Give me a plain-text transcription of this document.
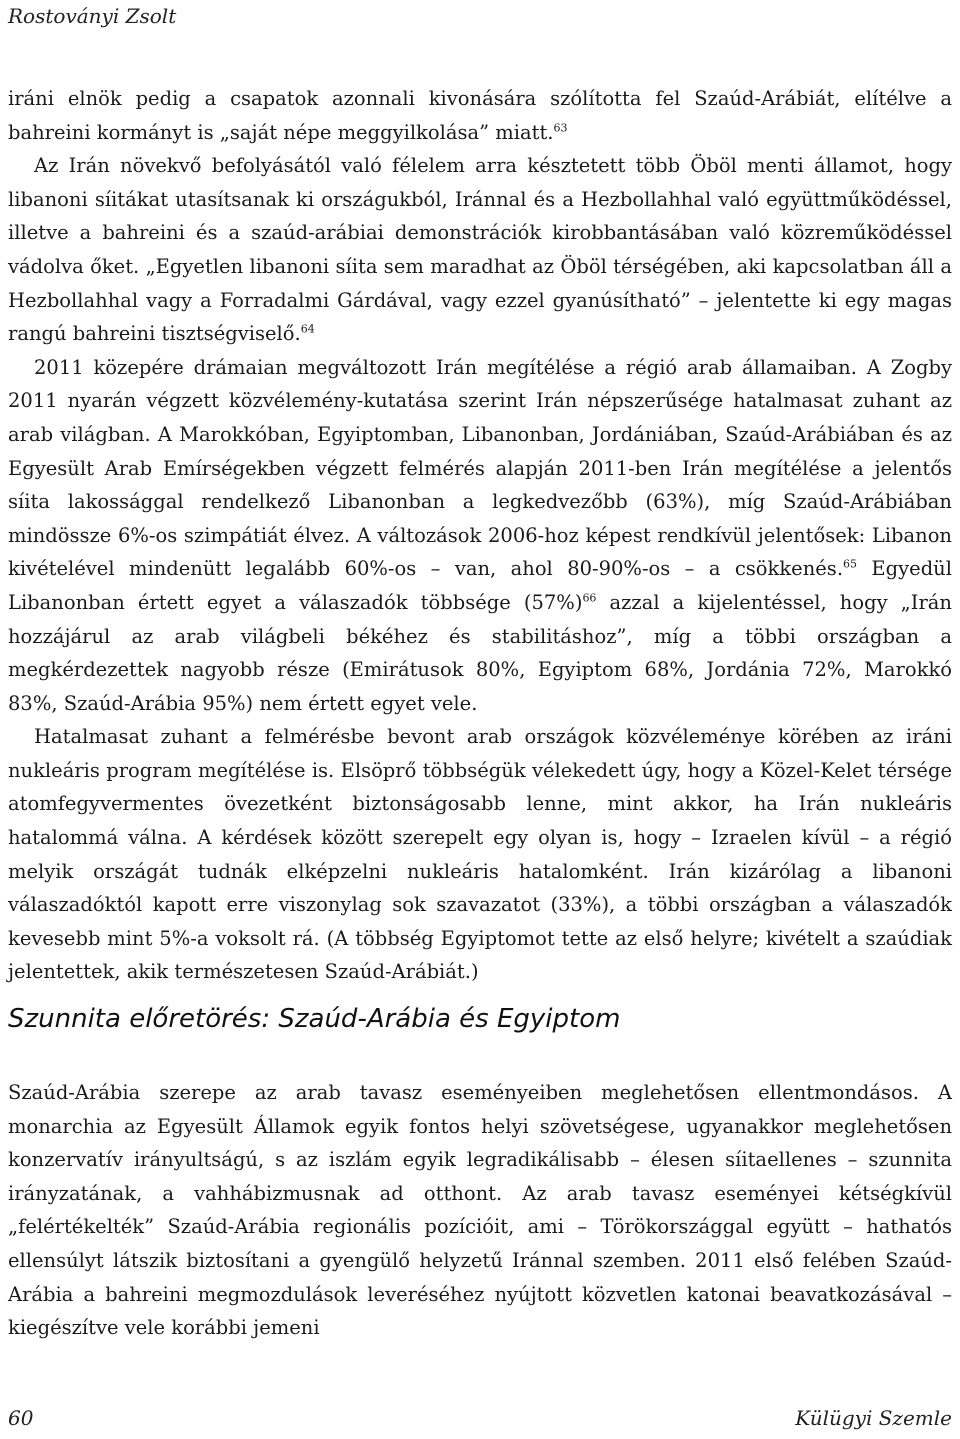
Rostoványi Zsolt

iráni elnök pedig a csapatok azonnali kivonására szólította fel Szaúd-Arábiát, elítélve a bahreini kormányt is „saját népe meggyilkolása” miatt.$^{63}$

Az Irán növekvő befolyásától való félelem arra késztetett több Öböl menti államot, hogy libanoni síitákat utasítsanak ki országukból, Iránnal és a Hezbollahhal való együttműködéssel, illetve a bahreini és a szaúd-arábiai demonstrációk kirobbantásában való közreműködéssel vádolva őket. „Egyetlen libanoni síita sem maradhat az Öböl térségében, aki kapcsolatban áll a Hezbollahhal vagy a Forradalmi Gárdával, vagy ezzel gyanúsítható” – jelentette ki egy magas rangú bahreini tisztségviselő.$^{64}$

2011 közepére drámaian megváltozott Irán megítélése a régió arab államaiban. A Zogby 2011 nyarán végzett közvélemény-kutatása szerint Irán népszerűsége hatalmasat zuhant az arab világban. A Marokkóban, Egyiptomban, Libanonban, Jordániában, Szaúd-Arábiában és az Egyesült Arab Emírségekben végzett felmérés alapján 2011-ben Irán megítélése a jelentős síita lakossággal rendelkező Libanonban a legkedvezőbb (63%), míg Szaúd-Arábiában mindössze 6%-os szimpátiát élvez. A változások 2006-hoz képest rendkívül jelentősek: Libanon kivételével mindenütt legalább 60%-os – van, ahol 80-90%-os – a csökkenés.$^{65}$ Egyedül Libanonban értett egyet a válaszadók többsége $(57\%)^{66}$ azzal a kijelentéssel, hogy „Irán hozzájárul az arab világbeli békéhez és stabilitáshoz”, míg a többi országban a megkérdezettek nagyobb része (Emirátusok 80%, Egyiptom 68%, Jordánia 72%, Marokkó 83%, Szaúd-Arábia 95%) nem értett egyet vele.

Hatalmasat zuhant a felmérésbe bevont arab országok közvéleménye körében az iráni nukleáris program megítélése is. Elsöprő többségük vélekedett úgy, hogy a Közel-Kelet térsége atomfegyvermentes övezetként biztonságosabb lenne, mint akkor, ha Irán nukleáris hatalommá válna. A kérdések között szerepelt egy olyan is, hogy – Izraelen kívül – a régió melyik országát tudnák elképzelni nukleáris hatalomként. Irán kizárólag a libanoni válaszadóktól kapott erre viszonylag sok szavazatot (33%), a többi országban a válaszadók kevesebb mint 5%-a voksolt rá. (A többség Egyiptomot tette az első helyre; kivételt a szaúdiak jelentettek, akik természetesen Szaúd-Arábiát.)

Szunnita előretörés: Szaúd-Arábia és Egyiptom

Szaúd-Arábia szerepe az arab tavasz eseményeiben meglehetősen ellentmondásos. A monarchia az Egyesült Államok egyik fontos helyi szövetségese, ugyanakkor meglehetősen konzervatív irányultságú, s az iszlám egyik legradikálisabb – élesen síitaellenes – szunnita irányzatának, a vahhábizmusnak ad otthont. Az arab tavasz eseményei kétségkívül „felértékelték” Szaúd-Arábia regionális pozícióit, ami – Törökországgal együtt – hathatós ellensúlyt látszik biztosítani a gyengülő helyzetű Iránnal szemben. 2011 első felében Szaúd-Arábia a bahreini megmozdulások leveréséhez nyújtott közvetlen katonai beavatkozásával – kiegészítve vele korábbi jemeni

60	Külügyi Szemle
